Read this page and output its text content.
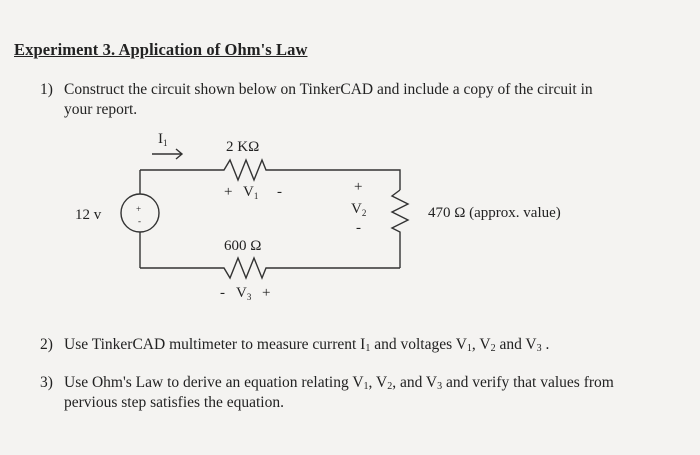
Experiment 3. Application of Ohm's Law
1) Construct the circuit shown below on TinkerCAD and include a copy of the circuit in
your report.
$I_1$	2 KΩ
+ $V_1$ -
12 v	+
-
+
$V_2$
-
470 Ω (approx. value)
600 Ω
- $V_3$ +
2) Use TinkerCAD multimeter to measure current $I_1$ and voltages $V_1$, $V_2$ and $V_3$ .
3) Use Ohm's Law to derive an equation relating $V_1$, $V_2$, and $V_3$ and verify that values from
pervious step satisfies the equation.
